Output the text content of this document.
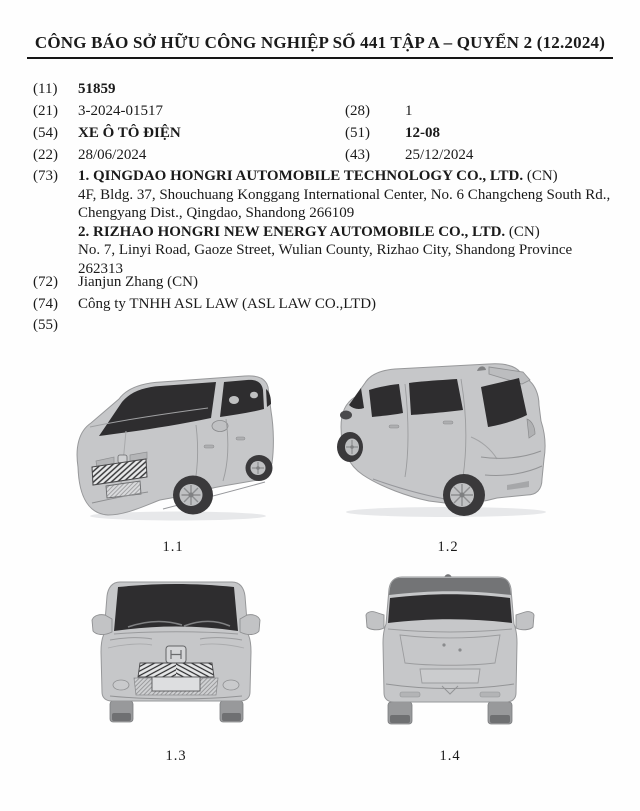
CÔNG BÁO SỞ HỮU CÔNG NGHIỆP SỐ 441 TẬP A – QUYỂN 2 (12.2024)
(11) 51859
(21) 3-2024-01517	(28) 1
(54) XE Ô TÔ ĐIỆN	(51) 12-08
(22) 28/06/2024	(43) 25/12/2024
(73) 1. QINGDAO HONGRI AUTOMOBILE TECHNOLOGY CO., LTD. (CN)
4F, Bldg. 37, Shouchuang Konggang International Center, No. 6 Changcheng South Rd., Chengyang Dist., Qingdao, Shandong 266109
2. RIZHAO HONGRI NEW ENERGY AUTOMOBILE CO., LTD. (CN)
No. 7, Linyi Road, Gaoze Street, Wulian County, Rizhao City, Shandong Province 262313
(72) Jianjun Zhang (CN)
(74) Công ty TNHH ASL LAW (ASL LAW CO.,LTD)
(55)
1.1	1.2
1.3	1.4
